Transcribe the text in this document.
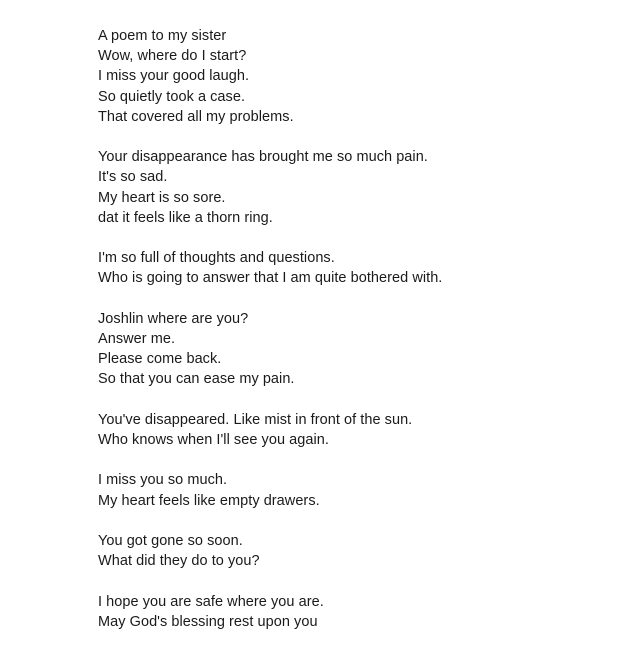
A poem to my sister
Wow, where do I start?
I miss your good laugh.
So quietly took a case.
That covered all my problems.
Your disappearance has brought me so much pain.
It's so sad.
My heart is so sore.
dat it feels like a thorn ring.
I'm so full of thoughts and questions.
Who is going to answer that I am quite bothered with.
Joshlin where are you?
Answer me.
Please come back.
So that you can ease my pain.
You've disappeared. Like mist in front of the sun.
Who knows when I'll see you again.
I miss you so much.
My heart feels like empty drawers.
You got gone so soon.
What did they do to you?
I hope you are safe where you are.
May God's blessing rest upon you
